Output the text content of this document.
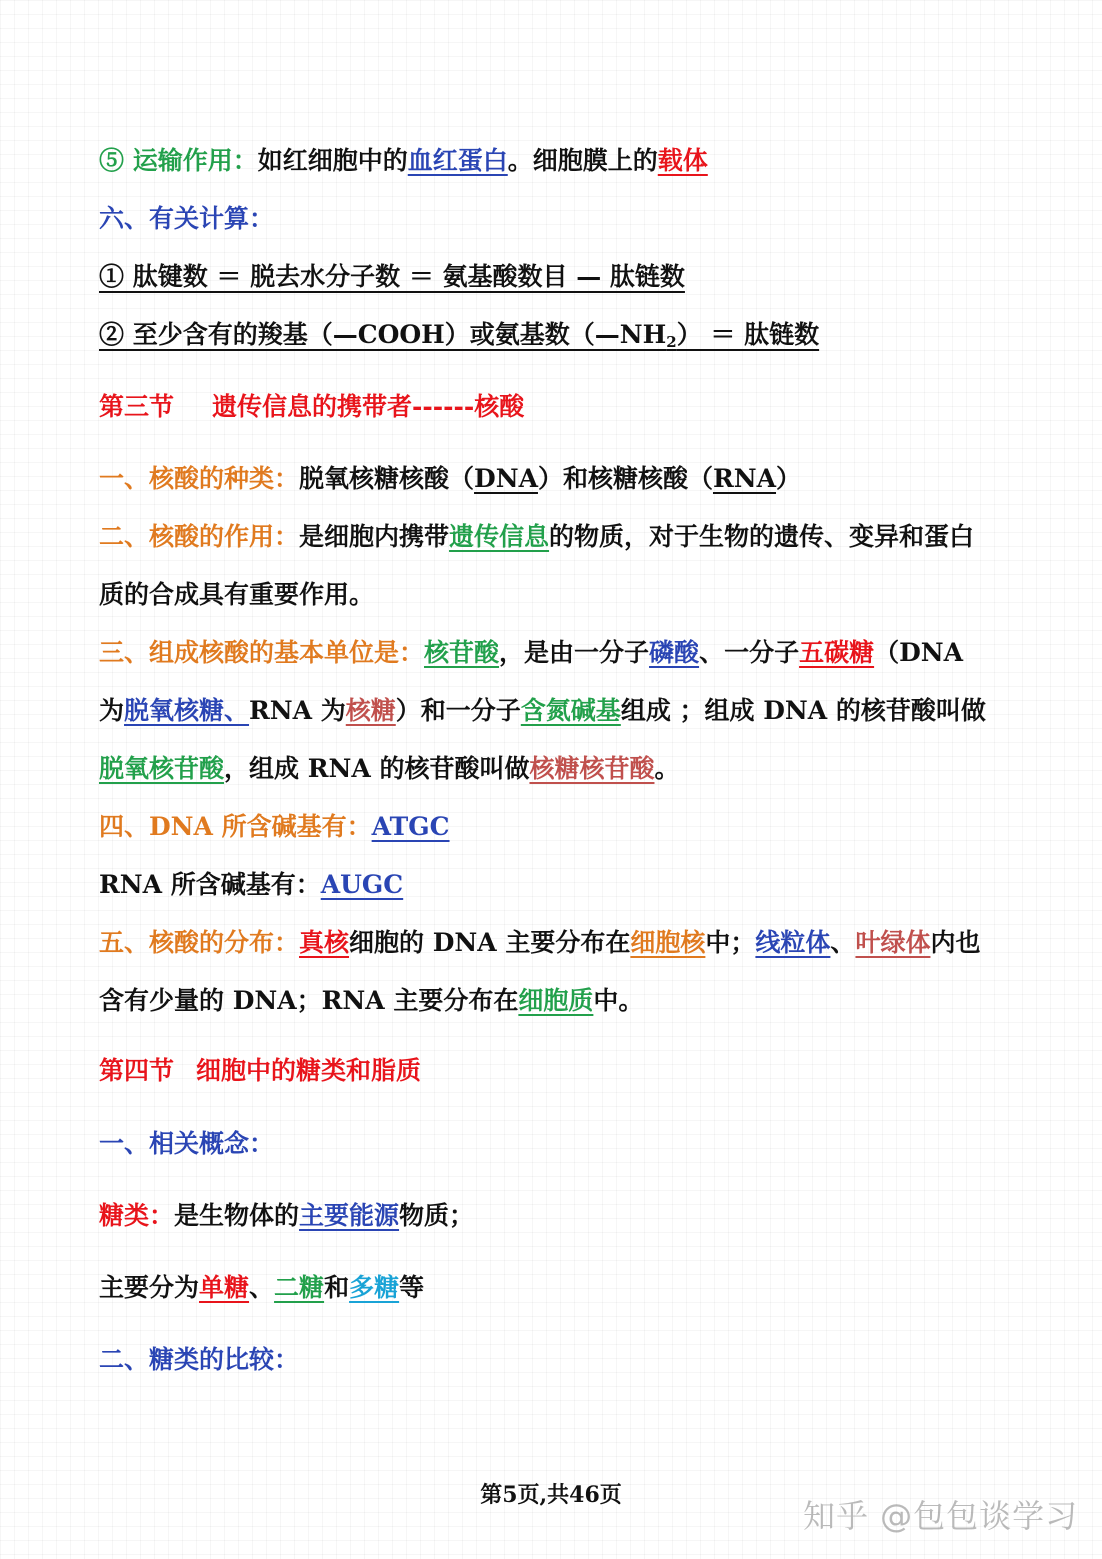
⑤ 运输作用：如红细胞中的血红蛋白。细胞膜上的载体
六、有关计算：
① 肽键数 ＝ 脱去水分子数 ＝ 氨基酸数目 — 肽链数
② 至少含有的羧基（—COOH）或氨基数$(—NH_2)$ ＝ 肽链数
第三节 遗传信息的携带者------核酸
一、核酸的种类：脱氧核糖核酸（DNA）和核糖核酸（RNA）
二、核酸的作用：是细胞内携带遗传信息的物质，对于生物的遗传、变异和蛋白
质的合成具有重要作用。
三、组成核酸的基本单位是：核苷酸，是由一分子磷酸、一分子五碳糖（DNA
为脱氧核糖、RNA 为核糖）和一分子含氮碱基组成 ；组成 DNA 的核苷酸叫做
脱氧核苷酸，组成 RNA 的核苷酸叫做核糖核苷酸。
四、DNA 所含碱基有：ATGC
RNA 所含碱基有：AUGC
五、核酸的分布：真核细胞的 DNA 主要分布在细胞核中；线粒体、叶绿体内也
含有少量的 DNA；RNA 主要分布在细胞质中。
第四节 细胞中的糖类和脂质
一、相关概念：
糖类：是生物体的主要能源物质；
主要分为单糖、二糖和多糖等
二、糖类的比较：
第5页,共46页
知乎 @包包谈学习
